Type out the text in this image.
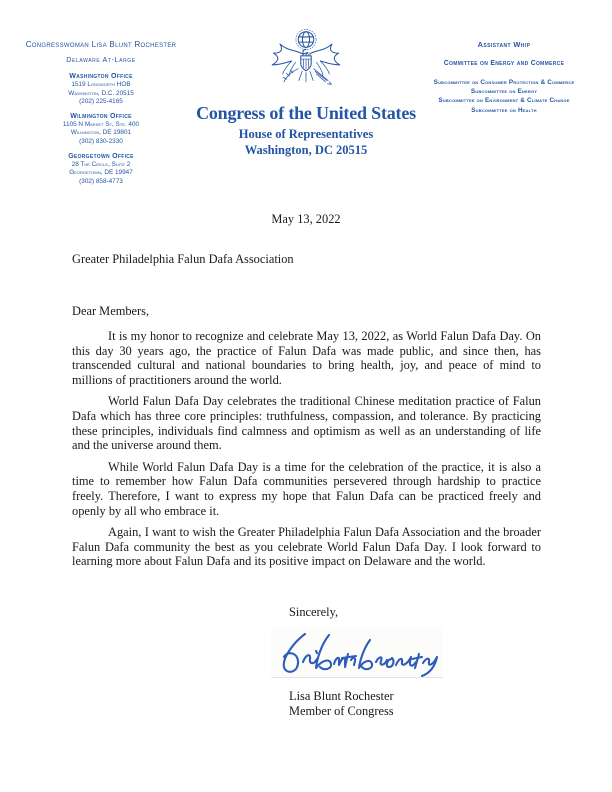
Congresswoman Lisa Blunt Rochester
Delaware At-Large
Washington Office
1519 Longworth HOB
Washington, D.C. 20515
(202) 225-4165
Wilmington Office
1105 N Market St, Ste. 400
Wilmington, DE 19801
(302) 830-2330
Georgetown Office
28 The Circle, Suite 2
Georgetown, DE 19947
(302) 858-4773
Congress of the United States
House of Representatives
Washington, DC 20515
Assistant Whip
Committee on Energy and Commerce
Subcommittee on Consumer Protection & Commerce
Subcommittee on Energy
Subcommittee on Environment & Climate Change
Subcommittee on Health
May 13, 2022
Greater Philadelphia Falun Dafa Association
Dear Members,

It is my honor to recognize and celebrate May 13, 2022, as World Falun Dafa Day. On this day 30 years ago, the practice of Falun Dafa was made public, and since then, has transcended cultural and national boundaries to bring health, joy, and peace of mind to millions of practitioners around the world.

World Falun Dafa Day celebrates the traditional Chinese meditation practice of Falun Dafa which has three core principles: truthfulness, compassion, and tolerance. By practicing these principles, individuals find calmness and optimism as well as an understanding of life and the universe around them.

While World Falun Dafa Day is a time for the celebration of the practice, it is also a time to remember how Falun Dafa communities persevered through hardship to practice freely. Therefore, I want to express my hope that Falun Dafa can be practiced freely and openly by all who embrace it.

Again, I want to wish the Greater Philadelphia Falun Dafa Association and the broader Falun Dafa community the best as you celebrate World Falun Dafa Day. I look forward to learning more about Falun Dafa and its positive impact on Delaware and the world.

Sincerely,
Lisa Blunt Rochester
Member of Congress
